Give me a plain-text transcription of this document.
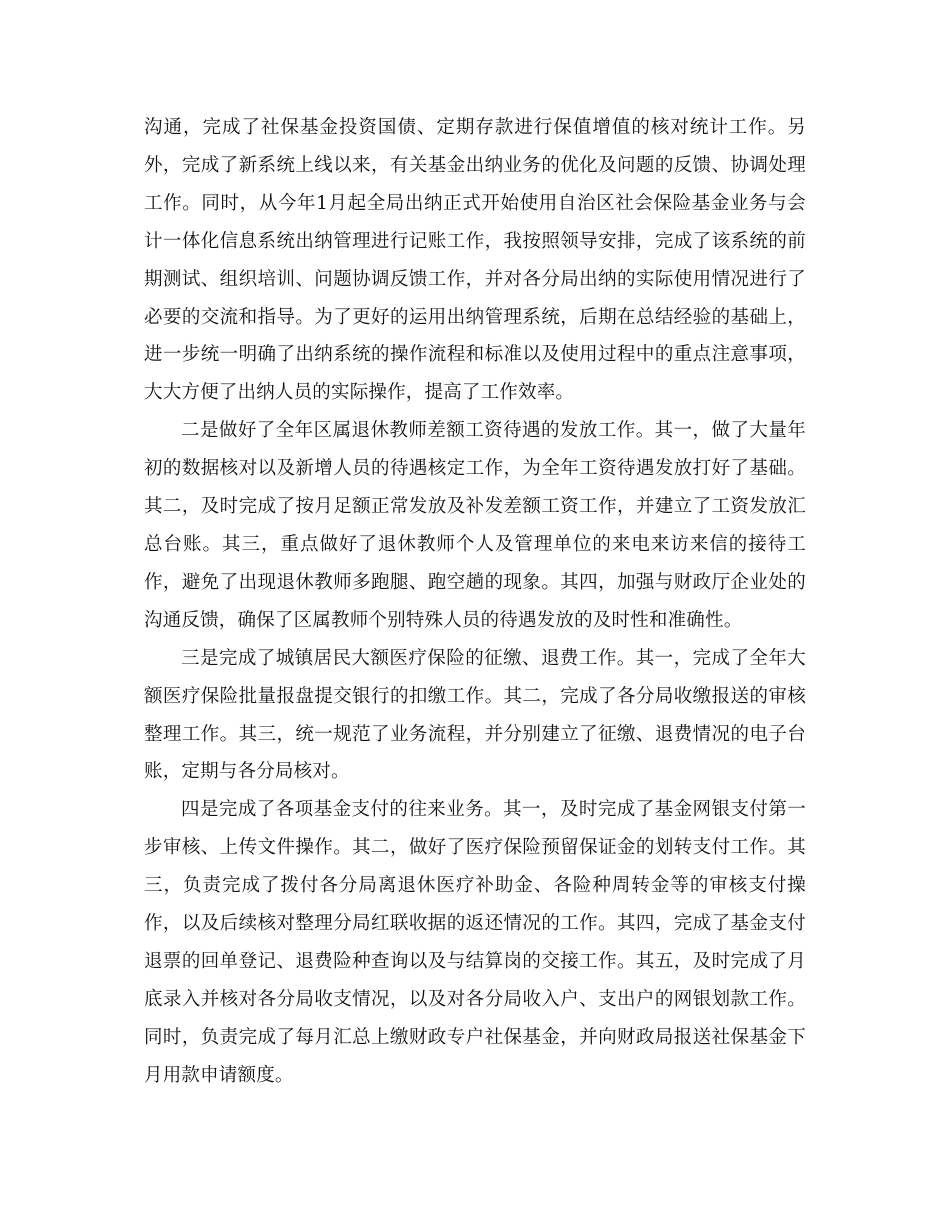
沟通，完成了社保基金投资国债、定期存款进行保值增值的核对统计工作。另外，完成了新系统上线以来，有关基金出纳业务的优化及问题的反馈、协调处理工作。同时，从今年1月起全局出纳正式开始使用自治区社会保险基金业务与会计一体化信息系统出纳管理进行记账工作，我按照领导安排，完成了该系统的前期测试、组织培训、问题协调反馈工作，并对各分局出纳的实际使用情况进行了必要的交流和指导。为了更好的运用出纳管理系统，后期在总结经验的基础上，进一步统一明确了出纳系统的操作流程和标准以及使用过程中的重点注意事项，大大方便了出纳人员的实际操作，提高了工作效率。

二是做好了全年区属退休教师差额工资待遇的发放工作。其一，做了大量年初的数据核对以及新增人员的待遇核定工作，为全年工资待遇发放打好了基础。其二，及时完成了按月足额正常发放及补发差额工资工作，并建立了工资发放汇总台账。其三，重点做好了退休教师个人及管理单位的来电来访来信的接待工作，避免了出现退休教师多跑腿、跑空趟的现象。其四，加强与财政厅企业处的沟通反馈，确保了区属教师个别特殊人员的待遇发放的及时性和准确性。

三是完成了城镇居民大额医疗保险的征缴、退费工作。其一，完成了全年大额医疗保险批量报盘提交银行的扣缴工作。其二，完成了各分局收缴报送的审核整理工作。其三，统一规范了业务流程，并分别建立了征缴、退费情况的电子台账，定期与各分局核对。

四是完成了各项基金支付的往来业务。其一，及时完成了基金网银支付第一步审核、上传文件操作。其二，做好了医疗保险预留保证金的划转支付工作。其三，负责完成了拨付各分局离退休医疗补助金、各险种周转金等的审核支付操作，以及后续核对整理分局红联收据的返还情况的工作。其四，完成了基金支付退票的回单登记、退费险种查询以及与结算岗的交接工作。其五，及时完成了月底录入并核对各分局收支情况，以及对各分局收入户、支出户的网银划款工作。同时，负责完成了每月汇总上缴财政专户社保基金，并向财政局报送社保基金下月用款申请额度。
